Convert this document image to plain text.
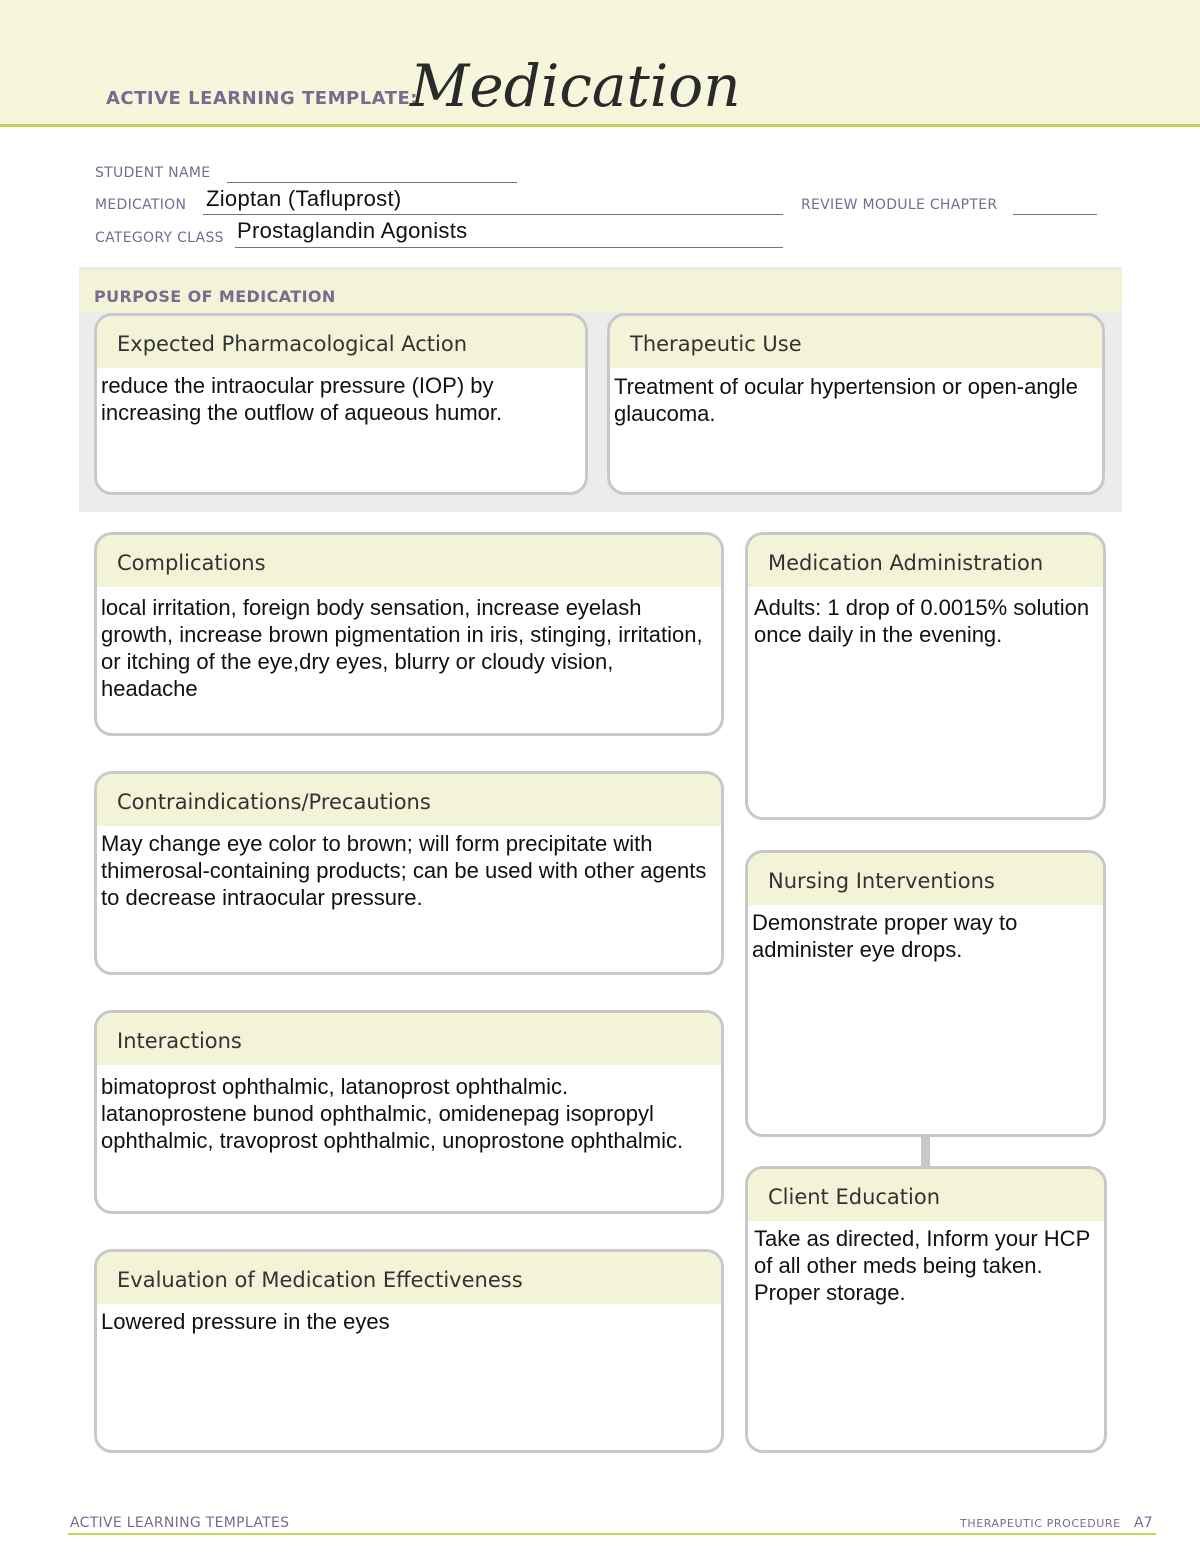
ACTIVE LEARNING TEMPLATE:
Medication
STUDENT NAME
MEDICATION Zioptan (Tafluprost)	REVIEW MODULE CHAPTER
CATEGORY CLASS Prostaglandin Agonists
PURPOSE OF MEDICATION
Expected Pharmacological Action
reduce the intraocular pressure (IOP) by increasing the outflow of aqueous humor.
Therapeutic Use
Treatment of ocular hypertension or open-angle glaucoma.
Complications
local irritation, foreign body sensation, increase eyelash growth, increase brown pigmentation in iris, stinging, irritation, or itching of the eye,dry eyes, blurry or cloudy vision, headache
Contraindications/Precautions
May change eye color to brown; will form precipitate with thimerosal-containing products; can be used with other agents to decrease intraocular pressure.
Interactions
bimatoprost ophthalmic, latanoprost ophthalmic. latanoprostene bunod ophthalmic, omidenepag isopropyl ophthalmic, travoprost ophthalmic, unoprostone ophthalmic.
Evaluation of Medication Effectiveness
Lowered pressure in the eyes
Medication Administration
Adults: 1 drop of 0.0015% solution once daily in the evening.
Nursing Interventions
Demonstrate proper way to administer eye drops.
Client Education
Take as directed, Inform your HCP of all other meds being taken. Proper storage.
ACTIVE LEARNING TEMPLATES	THERAPEUTIC PROCEDURE A7
